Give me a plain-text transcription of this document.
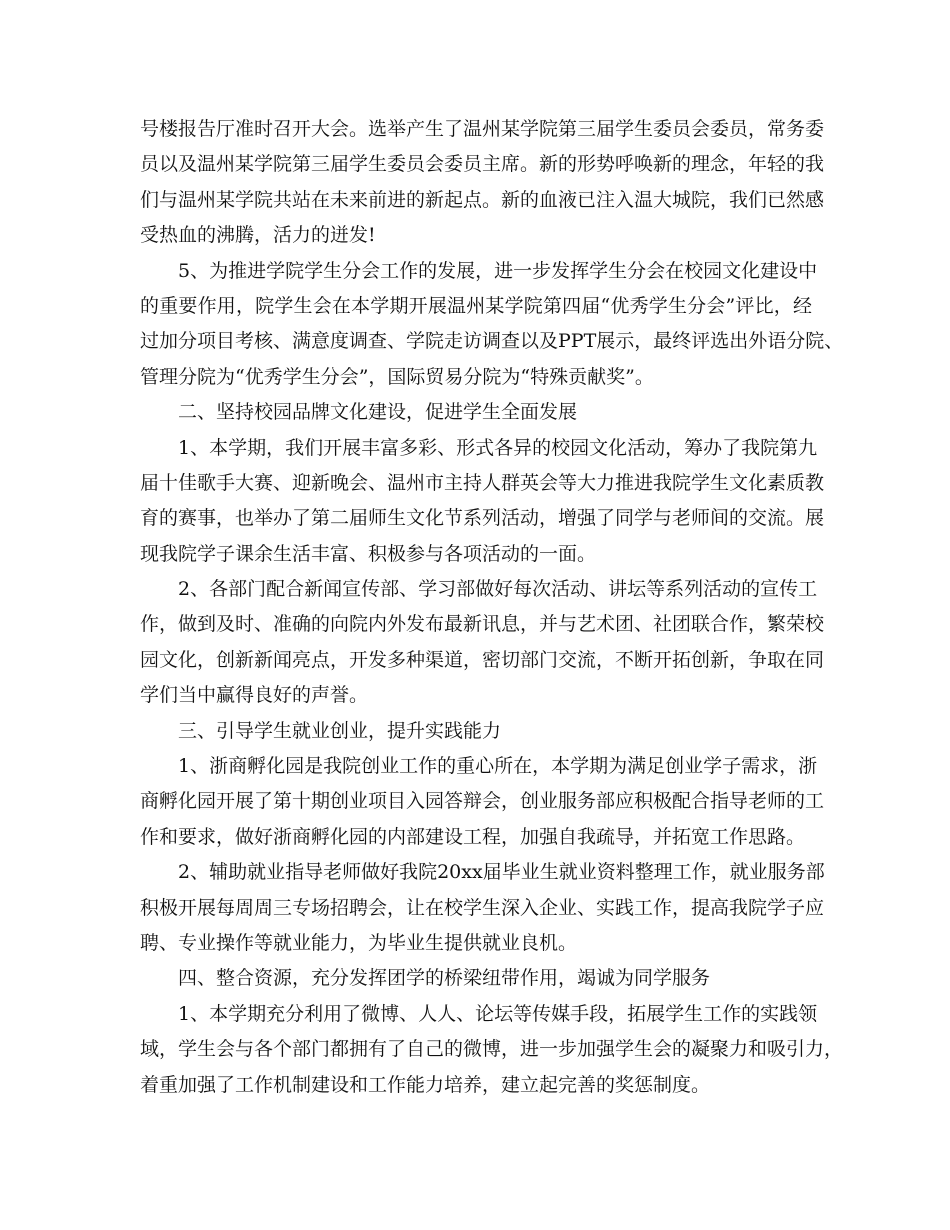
号楼报告厅准时召开大会。选举产生了温州某学院第三届学生委员会委员，常务委
员以及温州某学院第三届学生委员会委员主席。新的形势呼唤新的理念，年轻的我
们与温州某学院共站在未来前进的新起点。新的血液已注入温大城院，我们已然感
受热血的沸腾，活力的迸发!
5、为推进学院学生分会工作的发展，进一步发挥学生分会在校园文化建设中
的重要作用，院学生会在本学期开展温州某学院第四届“优秀学生分会”评比，经
过加分项目考核、满意度调查、学院走访调查以及PPT展示，最终评选出外语分院、
管理分院为“优秀学生分会”，国际贸易分院为“特殊贡献奖”。
二、坚持校园品牌文化建设，促进学生全面发展
1、本学期，我们开展丰富多彩、形式各异的校园文化活动，筹办了我院第九
届十佳歌手大赛、迎新晚会、温州市主持人群英会等大力推进我院学生文化素质教
育的赛事，也举办了第二届师生文化节系列活动，增强了同学与老师间的交流。展
现我院学子课余生活丰富、积极参与各项活动的一面。
2、各部门配合新闻宣传部、学习部做好每次活动、讲坛等系列活动的宣传工
作，做到及时、准确的向院内外发布最新讯息，并与艺术团、社团联合作，繁荣校
园文化，创新新闻亮点，开发多种渠道，密切部门交流，不断开拓创新，争取在同
学们当中赢得良好的声誉。
三、引导学生就业创业，提升实践能力
1、浙商孵化园是我院创业工作的重心所在，本学期为满足创业学子需求，浙
商孵化园开展了第十期创业项目入园答辩会，创业服务部应积极配合指导老师的工
作和要求，做好浙商孵化园的内部建设工程，加强自我疏导，并拓宽工作思路。
2、辅助就业指导老师做好我院20xx届毕业生就业资料整理工作，就业服务部
积极开展每周周三专场招聘会，让在校学生深入企业、实践工作，提高我院学子应
聘、专业操作等就业能力，为毕业生提供就业良机。
四、整合资源，充分发挥团学的桥梁纽带作用，竭诚为同学服务
1、本学期充分利用了微博、人人、论坛等传媒手段，拓展学生工作的实践领
域，学生会与各个部门都拥有了自己的微博，进一步加强学生会的凝聚力和吸引力，
着重加强了工作机制建设和工作能力培养，建立起完善的奖惩制度。
